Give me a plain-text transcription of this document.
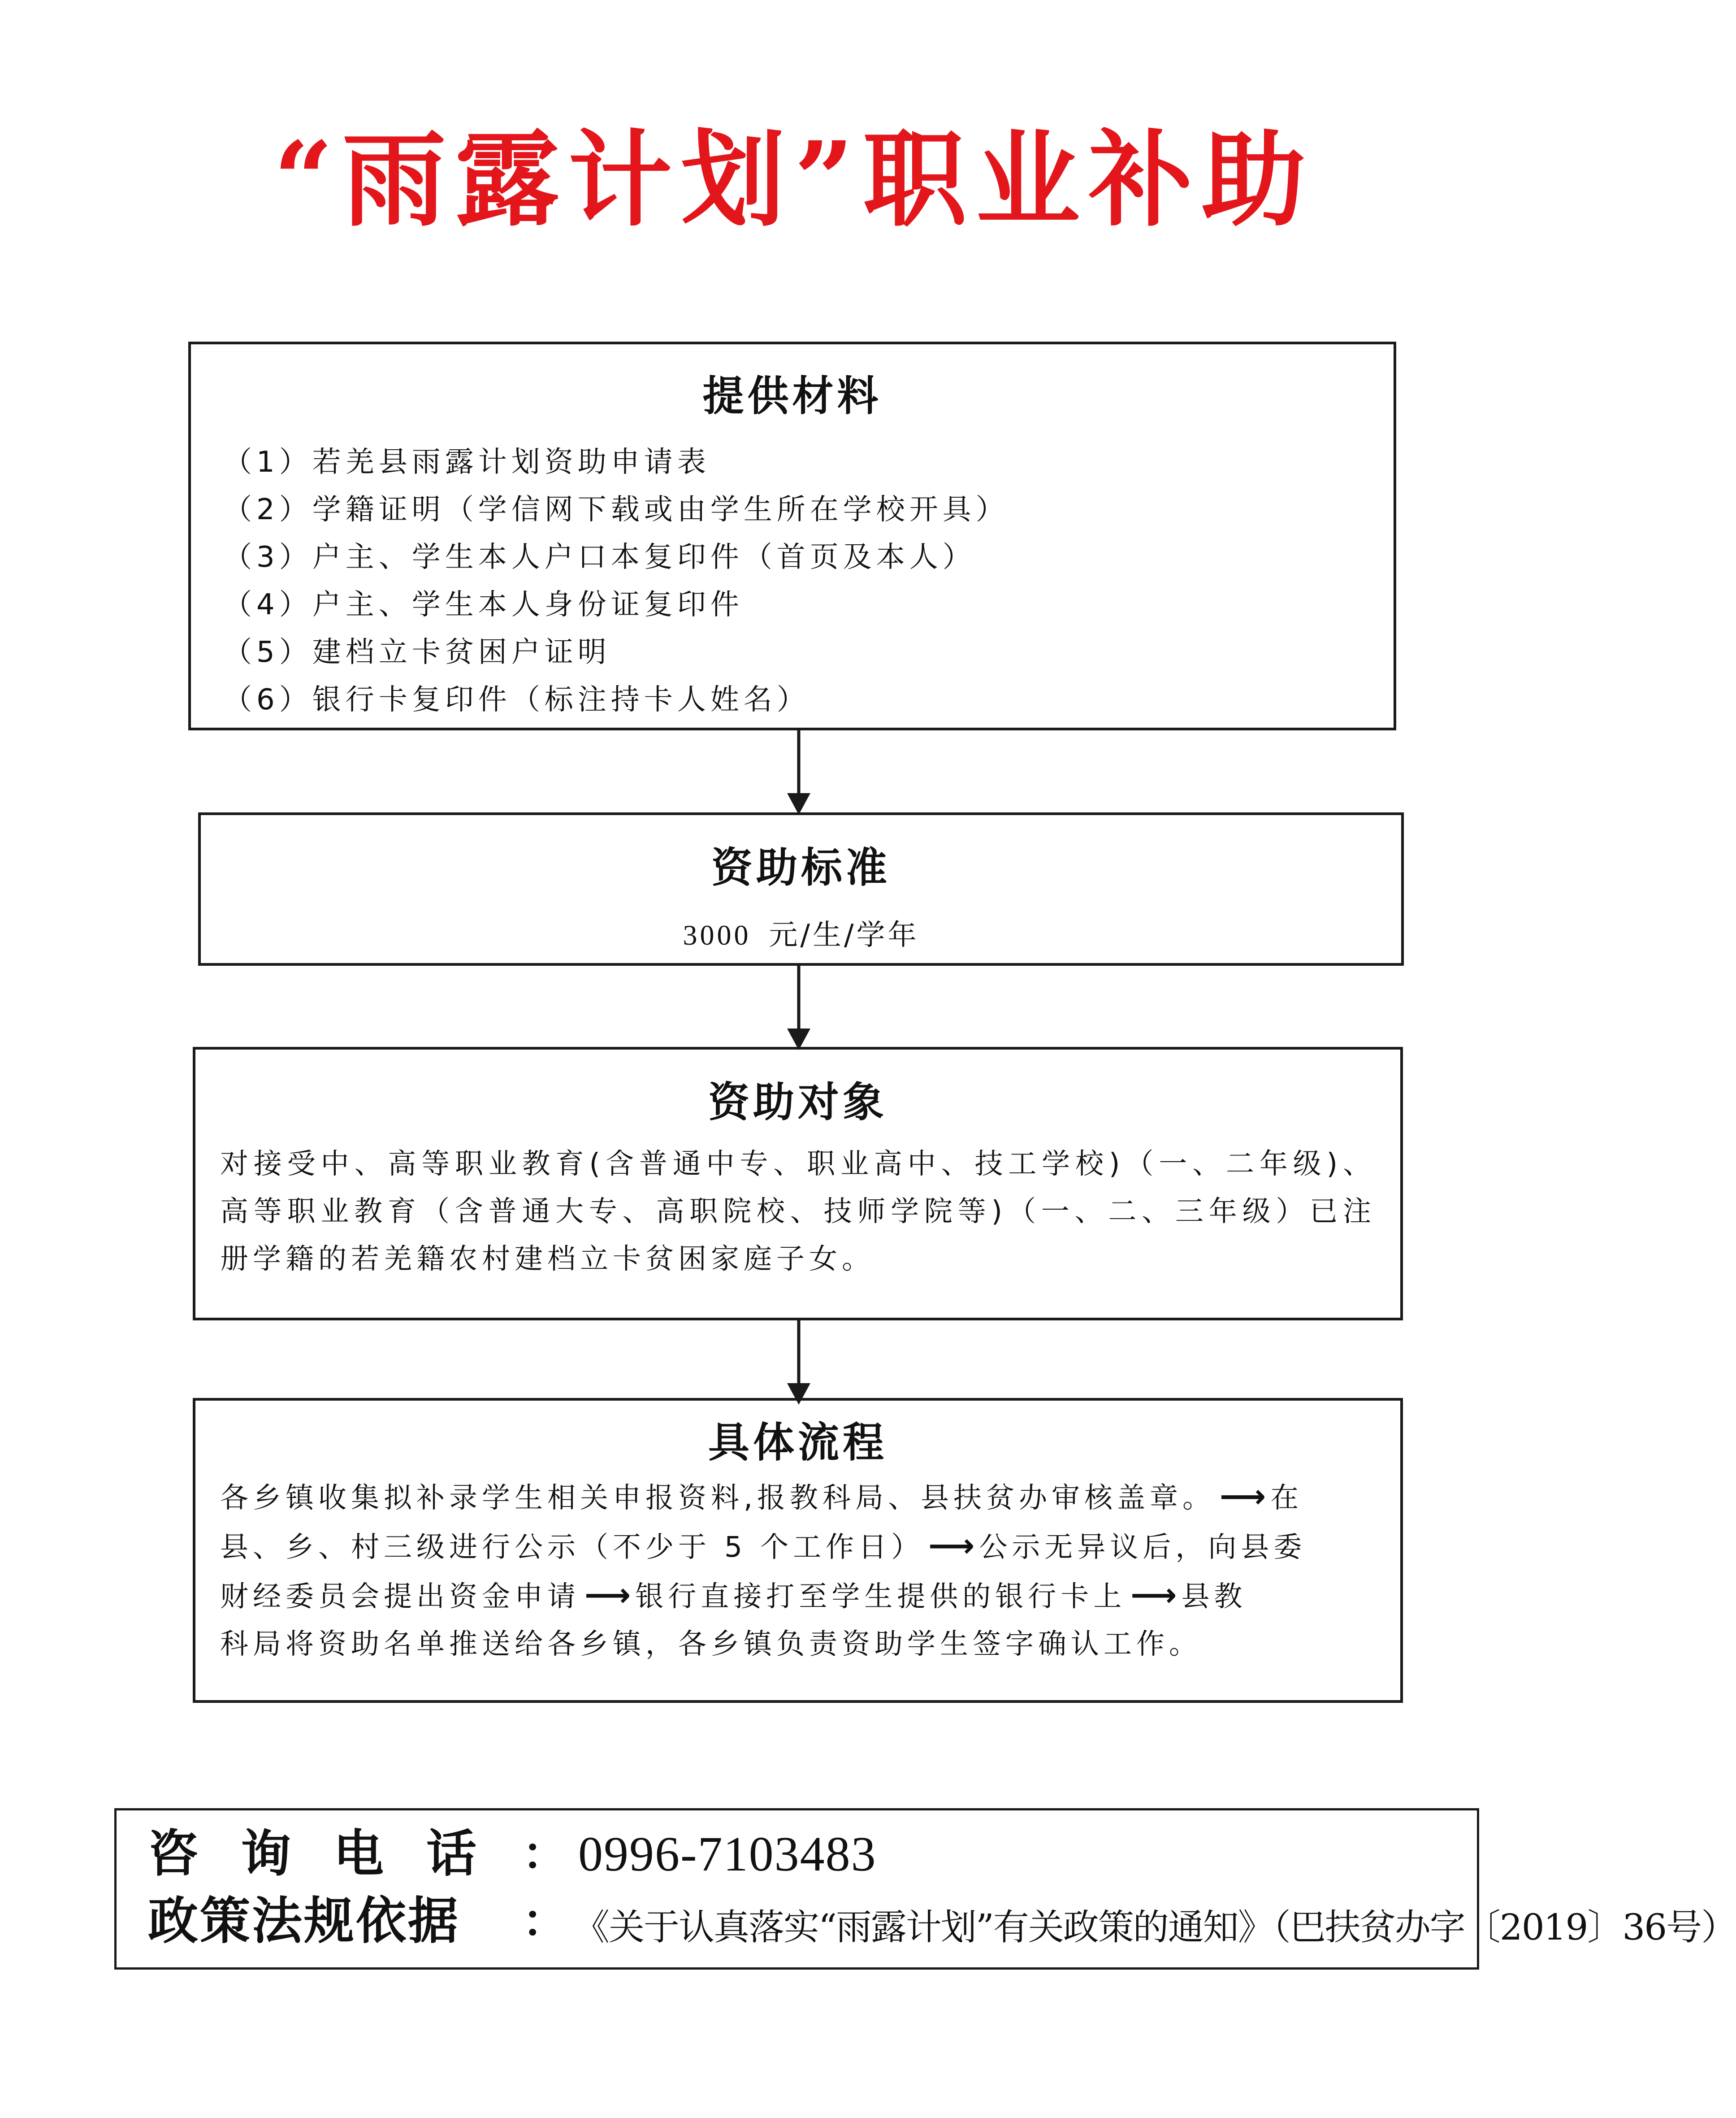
“雨露计划”职业补助
提供材料
（1）若羌县雨露计划资助申请表
（2）学籍证明（学信网下载或由学生所在学校开具）
（3）户主、学生本人户口本复印件（首页及本人）
（4）户主、学生本人身份证复印件
（5）建档立卡贫困户证明
（6）银行卡复印件（标注持卡人姓名）
资助标准
3000 元/生/学年
资助对象
对接受中、高等职业教育(含普通中专、职业高中、技工学校)（一、二年级)、高等职业教育（含普通大专、高职院校、技师学院等)（一、二、三年级）已注册学籍的若羌籍农村建档立卡贫困家庭子女。
具体流程
各乡镇收集拟补录学生相关申报资料,报教科局、县扶贫办审核盖章。 ⟶ 在
县、乡、村三级进行公示（不少于 5 个工作日） ⟶ 公示无异议后，向县委
财经委员会提出资金申请 ⟶ 银行直接打至学生提供的银行卡上 ⟶ 县教
科局将资助名单推送给各乡镇，各乡镇负责资助学生签字确认工作。
咨 询 电 话 ： 0996-7103483
政策法规依据 ： 《关于认真落实“雨露计划”有关政策的通知》（巴扶贫办字〔2019〕36号）
